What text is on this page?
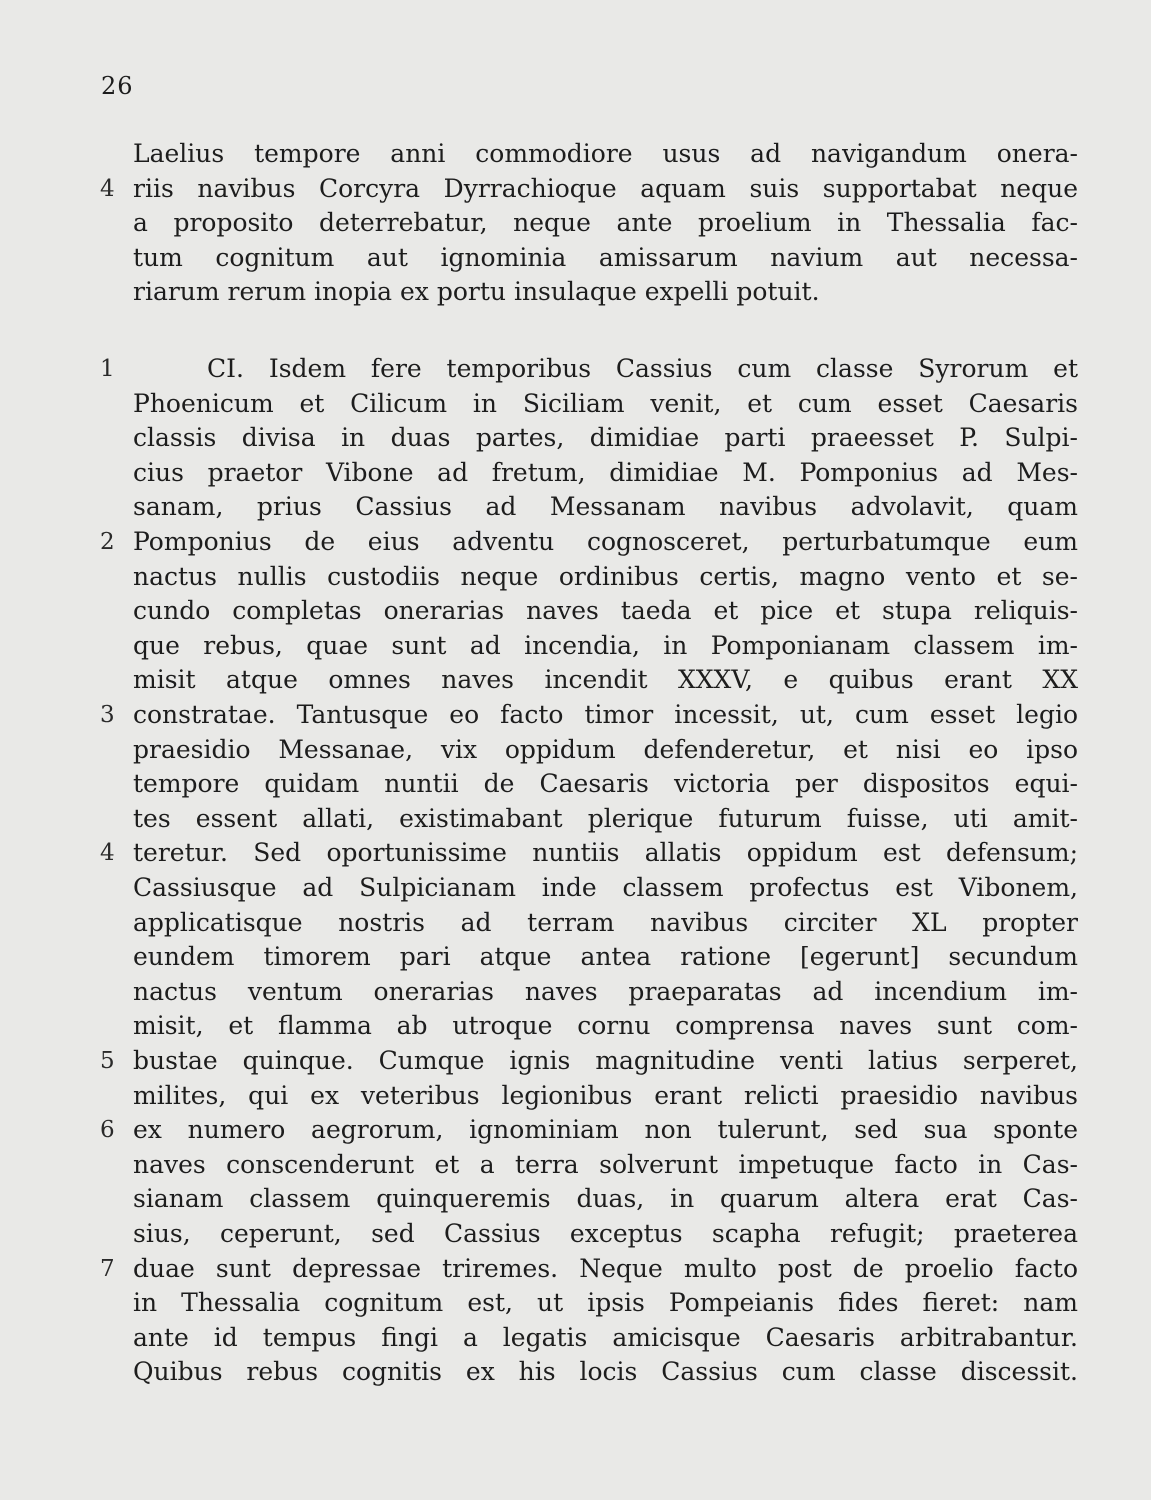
26
Laelius tempore anni commodiore usus ad navigandum onera-
4 riis navibus Corcyra Dyrrachioque aquam suis supportabat neque
a proposito deterrebatur, neque ante proelium in Thessalia fac-
tum cognitum aut ignominia amissarum navium aut necessa-
riarum rerum inopia ex portu insulaque expelli potuit.
1	CI. Isdem fere temporibus Cassius cum classe Syrorum et
Phoenicum et Cilicum in Siciliam venit, et cum esset Caesaris
classis divisa in duas partes, dimidiae parti praeesset P. Sulpi-
cius praetor Vibone ad fretum, dimidiae M. Pomponius ad Mes-
sanam, prius Cassius ad Messanam navibus advolavit, quam
2 Pomponius de eius adventu cognosceret, perturbatumque eum
nactus nullis custodiis neque ordinibus certis, magno vento et se-
cundo completas onerarias naves taeda et pice et stupa reliquis-
que rebus, quae sunt ad incendia, in Pomponianam classem im-
misit atque omnes naves incendit XXXV, e quibus erant XX
3 constratae. Tantusque eo facto timor incessit, ut, cum esset legio
praesidio Messanae, vix oppidum defenderetur, et nisi eo ipso
tempore quidam nuntii de Caesaris victoria per dispositos equi-
tes essent allati, existimabant plerique futurum fuisse, uti amit-
4 teretur. Sed oportunissime nuntiis allatis oppidum est defensum;
Cassiusque ad Sulpicianam inde classem profectus est Vibonem,
applicatisque nostris ad terram navibus circiter XL propter
eundem timorem pari atque antea ratione [egerunt] secundum
nactus ventum onerarias naves praeparatas ad incendium im-
misit, et flamma ab utroque cornu comprensa naves sunt com-
5 bustae quinque. Cumque ignis magnitudine venti latius serperet,
milites, qui ex veteribus legionibus erant relicti praesidio navibus
6 ex numero aegrorum, ignominiam non tulerunt, sed sua sponte
naves conscenderunt et a terra solverunt impetuque facto in Cas-
sianam classem quinqueremis duas, in quarum altera erat Cas-
sius, ceperunt, sed Cassius exceptus scapha refugit; praeterea
7 duae sunt depressae triremes. Neque multo post de proelio facto
in Thessalia cognitum est, ut ipsis Pompeianis fides fieret: nam
ante id tempus fingi a legatis amicisque Caesaris arbitrabantur.
Quibus rebus cognitis ex his locis Cassius cum classe discessit.
